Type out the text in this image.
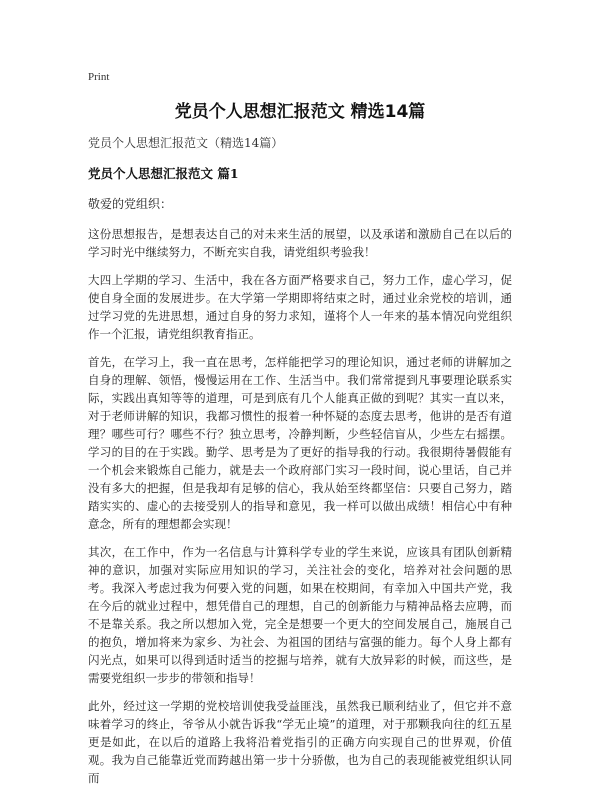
Print
党员个人思想汇报范文 精选14篇

党员个人思想汇报范文（精选14篇）

党员个人思想汇报范文 篇1

敬爱的党组织：

这份思想报告，是想表达自己的对未来生活的展望，以及承诺和激励自己在以后的学习时光中继续努力，不断充实自我，请党组织考验我！

大四上学期的学习、生活中，我在各方面严格要求自己，努力工作，虚心学习，促使自身全面的发展进步。在大学第一学期即将结束之时，通过业余党校的培训，通过学习党的先进思想，通过自身的努力求知，谨将个人一年来的基本情况向党组织作一个汇报，请党组织教育指正。

首先，在学习上，我一直在思考，怎样能把学习的理论知识，通过老师的讲解加之自身的理解、领悟，慢慢运用在工作、生活当中。我们常常提到凡事要理论联系实际，实践出真知等等的道理，可是到底有几个人能真正做的到呢？其实一直以来，对于老师讲解的知识，我都习惯性的报着一种怀疑的态度去思考，他讲的是否有道理？哪些可行？哪些不行？独立思考，冷静判断，少些轻信盲从，少些左右摇摆。学习的目的在于实践。勤学、思考是为了更好的指导我的行动。我很期待暑假能有一个机会来锻炼自己能力，就是去一个政府部门实习一段时间，说心里话，自己并没有多大的把握，但是我却有足够的信心，我从始至终都坚信：只要自己努力，踏踏实实的、虚心的去接受别人的指导和意见，我一样可以做出成绩！相信心中有种意念，所有的理想都会实现！

其次，在工作中，作为一名信息与计算科学专业的学生来说，应该具有团队创新精神的意识，加强对实际应用知识的学习，关注社会的变化，培养对社会问题的思考。我深入考虑过我为何要入党的问题，如果在校期间，有幸加入中国共产党，我在今后的就业过程中，想凭借自己的理想，自己的创新能力与精神品格去应聘，而不是靠关系。我之所以想加入党，完全是想要一个更大的空间发展自己，施展自己的抱负，增加将来为家乡、为社会、为祖国的团结与富强的能力。每个人身上都有闪光点，如果可以得到适时适当的挖掘与培养，就有大放异彩的时候，而这些，是需要党组织一步步的带领和指导！

此外，经过这一学期的党校培训使我受益匪浅，虽然我已顺利结业了，但它并不意味着学习的终止，爷爷从小就告诉我“学无止境”的道理，对于那颗我向往的红五星更是如此，在以后的道路上我将沿着党指引的正确方向实现自己的世界观，价值观。我为自己能靠近党而跨越出第一步十分骄傲，也为自己的表现能被党组织认同而
